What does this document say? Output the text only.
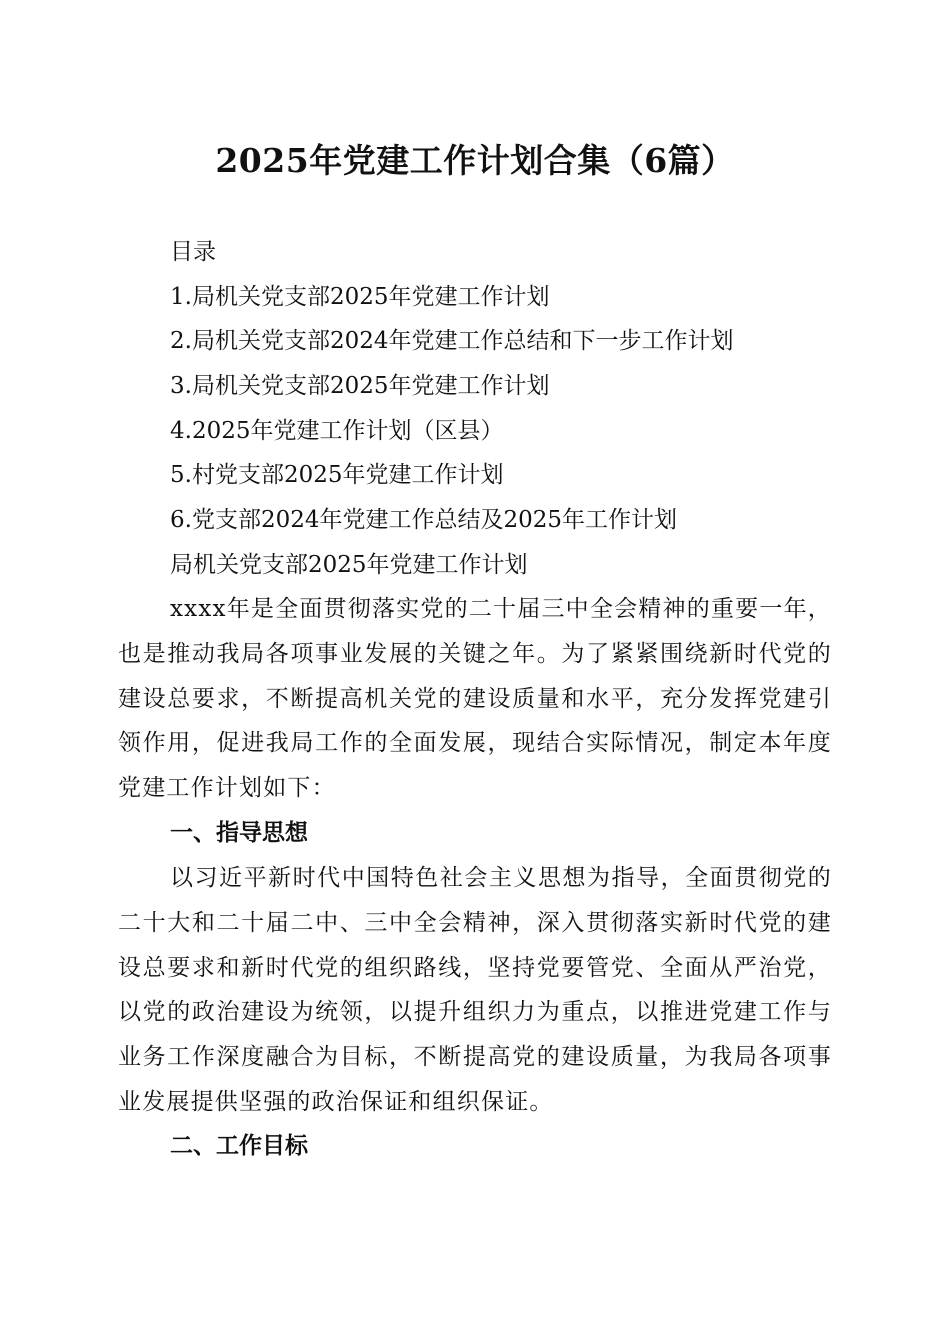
2025年党建工作计划合集（6篇）
目录
1.局机关党支部2025年党建工作计划
2.局机关党支部2024年党建工作总结和下一步工作计划
3.局机关党支部2025年党建工作计划
4.2025年党建工作计划（区县）
5.村党支部2025年党建工作计划
6.党支部2024年党建工作总结及2025年工作计划
局机关党支部2025年党建工作计划
xxxx年是全面贯彻落实党的二十届三中全会精神的重要一年，也是推动我局各项事业发展的关键之年。为了紧紧围绕新时代党的建设总要求，不断提高机关党的建设质量和水平，充分发挥党建引领作用，促进我局工作的全面发展，现结合实际情况，制定本年度党建工作计划如下：
一、指导思想
以习近平新时代中国特色社会主义思想为指导，全面贯彻党的二十大和二十届二中、三中全会精神，深入贯彻落实新时代党的建设总要求和新时代党的组织路线，坚持党要管党、全面从严治党，以党的政治建设为统领，以提升组织力为重点，以推进党建工作与业务工作深度融合为目标，不断提高党的建设质量，为我局各项事业发展提供坚强的政治保证和组织保证。
二、工作目标
